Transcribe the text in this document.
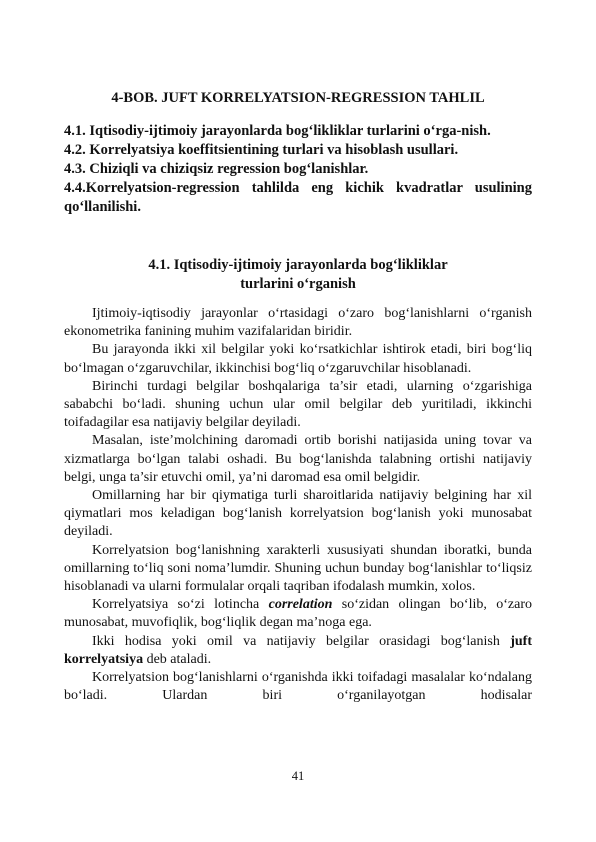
4-BOB. JUFT KORRELYATSION-REGRESSION TAHLIL
4.1. Iqtisodiy-ijtimoiy jarayonlarda bog‘likliklar turlarini o‘rga-nish.
4.2. Korrelyatsiya koeffitsientining turlari va hisoblash usullari.
4.3. Chiziqli va chiziqsiz regression bog‘lanishlar.
4.4.Korrelyatsion-regression tahlilda eng kichik kvadratlar usulining qo‘llanilishi.
4.1. Iqtisodiy-ijtimoiy jarayonlarda bog‘likliklar
turlarini o‘rganish

Ijtimoiy-iqtisodiy jarayonlar o‘rtasidagi o‘zaro bog‘lanishlarni o‘rganish ekonometrika fanining muhim vazifalaridan biridir.

Bu jarayonda ikki xil belgilar yoki ko‘rsatkichlar ishtirok etadi, biri bog‘liq bo‘lmagan o‘zgaruvchilar, ikkinchisi bog‘liq o‘zgaruvchilar hisoblanadi.

Birinchi turdagi belgilar boshqalariga ta’sir etadi, ularning o‘zgarishiga sababchi bo‘ladi. shuning uchun ular omil belgilar deb yuritiladi, ikkinchi toifadagilar esa natijaviy belgilar deyiladi.

Masalan, iste’molchining daromadi ortib borishi natijasida uning tovar va xizmatlarga bo‘lgan talabi oshadi. Bu bog‘lanishda talabning ortishi natijaviy belgi, unga ta’sir etuvchi omil, ya’ni daromad esa omil belgidir.

Omillarning har bir qiymatiga turli sharoitlarida natijaviy belgining har xil qiymatlari mos keladigan bog‘lanish korrelyatsion bog‘lanish yoki munosabat deyiladi.

Korrelyatsion bog‘lanishning xarakterli xususiyati shundan iboratki, bunda omillarning to‘liq soni noma’lumdir. Shuning uchun bunday bog‘lanishlar to‘liqsiz hisoblanadi va ularni formulalar orqali taqriban ifodalash mumkin, xolos.

Korrelyatsiya so‘zi lotincha correlation so‘zidan olingan bo‘lib, o‘zaro munosabat, muvofiqlik, bog‘liqlik degan ma’noga ega.

Ikki hodisa yoki omil va natijaviy belgilar orasidagi bog‘lanish juft korrelyatsiya deb ataladi.

Korrelyatsion bog‘lanishlarni o‘rganishda ikki toifadagi masalalar ko‘ndalang bo‘ladi. Ulardan biri o‘rganilayotgan hodisalar

41
